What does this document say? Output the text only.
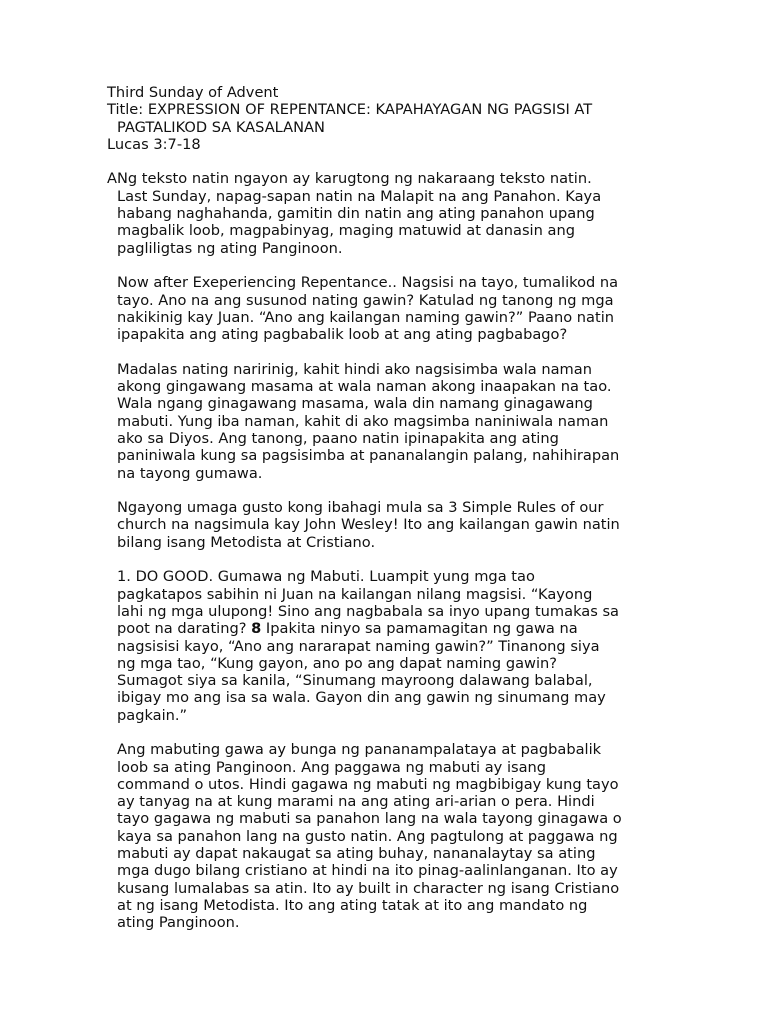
Third Sunday of Advent

Title: EXPRESSION OF REPENTANCE: KAPAHAYAGAN NG PAGSISI AT
PAGTALIKOD SA KASALANAN

Lucas 3:7-18

ANg teksto natin ngayon ay karugtong ng nakaraang teksto natin.
Last Sunday, napag-sapan natin na Malapit na ang Panahon. Kaya
habang naghahanda, gamitin din natin ang ating panahon upang
magbalik loob, magpabinyag, maging matuwid at danasin ang
pagliligtas ng ating Panginoon.

Now after Exeperiencing Repentance.. Nagsisi na tayo, tumalikod na
tayo. Ano na ang susunod nating gawin? Katulad ng tanong ng mga
nakikinig kay Juan. “Ano ang kailangan naming gawin?” Paano natin
ipapakita ang ating pagbabalik loob at ang ating pagbabago?

Madalas nating naririnig, kahit hindi ako nagsisimba wala naman
akong gingawang masama at wala naman akong inaapakan na tao.
Wala ngang ginagawang masama, wala din namang ginagawang
mabuti. Yung iba naman, kahit di ako magsimba naniniwala naman
ako sa Diyos. Ang tanong, paano natin ipinapakita ang ating
paniniwala kung sa pagsisimba at pananalangin palang, nahihirapan
na tayong gumawa.

Ngayong umaga gusto kong ibahagi mula sa 3 Simple Rules of our
church na nagsimula kay John Wesley! Ito ang kailangan gawin natin
bilang isang Metodista at Cristiano.

1. DO GOOD. Gumawa ng Mabuti. Luampit yung mga tao
pagkatapos sabihin ni Juan na kailangan nilang magsisi. “Kayong
lahi ng mga ulupong! Sino ang nagbabala sa inyo upang tumakas sa
poot na darating? 8 Ipakita ninyo sa pamamagitan ng gawa na
nagsisisi kayo, “Ano ang nararapat naming gawin?” Tinanong siya
ng mga tao, “Kung gayon, ano po ang dapat naming gawin?
Sumagot siya sa kanila, “Sinumang mayroong dalawang balabal,
ibigay mo ang isa sa wala. Gayon din ang gawin ng sinumang may
pagkain.”

Ang mabuting gawa ay bunga ng pananampalataya at pagbabalik
loob sa ating Panginoon. Ang paggawa ng mabuti ay isang
command o utos. Hindi gagawa ng mabuti ng magbibigay kung tayo
ay tanyag na at kung marami na ang ating ari-arian o pera. Hindi
tayo gagawa ng mabuti sa panahon lang na wala tayong ginagawa o
kaya sa panahon lang na gusto natin. Ang pagtulong at paggawa ng
mabuti ay dapat nakaugat sa ating buhay, nananalaytay sa ating
mga dugo bilang cristiano at hindi na ito pinag-aalinlanganan. Ito ay
kusang lumalabas sa atin. Ito ay built in character ng isang Cristiano
at ng isang Metodista. Ito ang ating tatak at ito ang mandato ng
ating Panginoon.
